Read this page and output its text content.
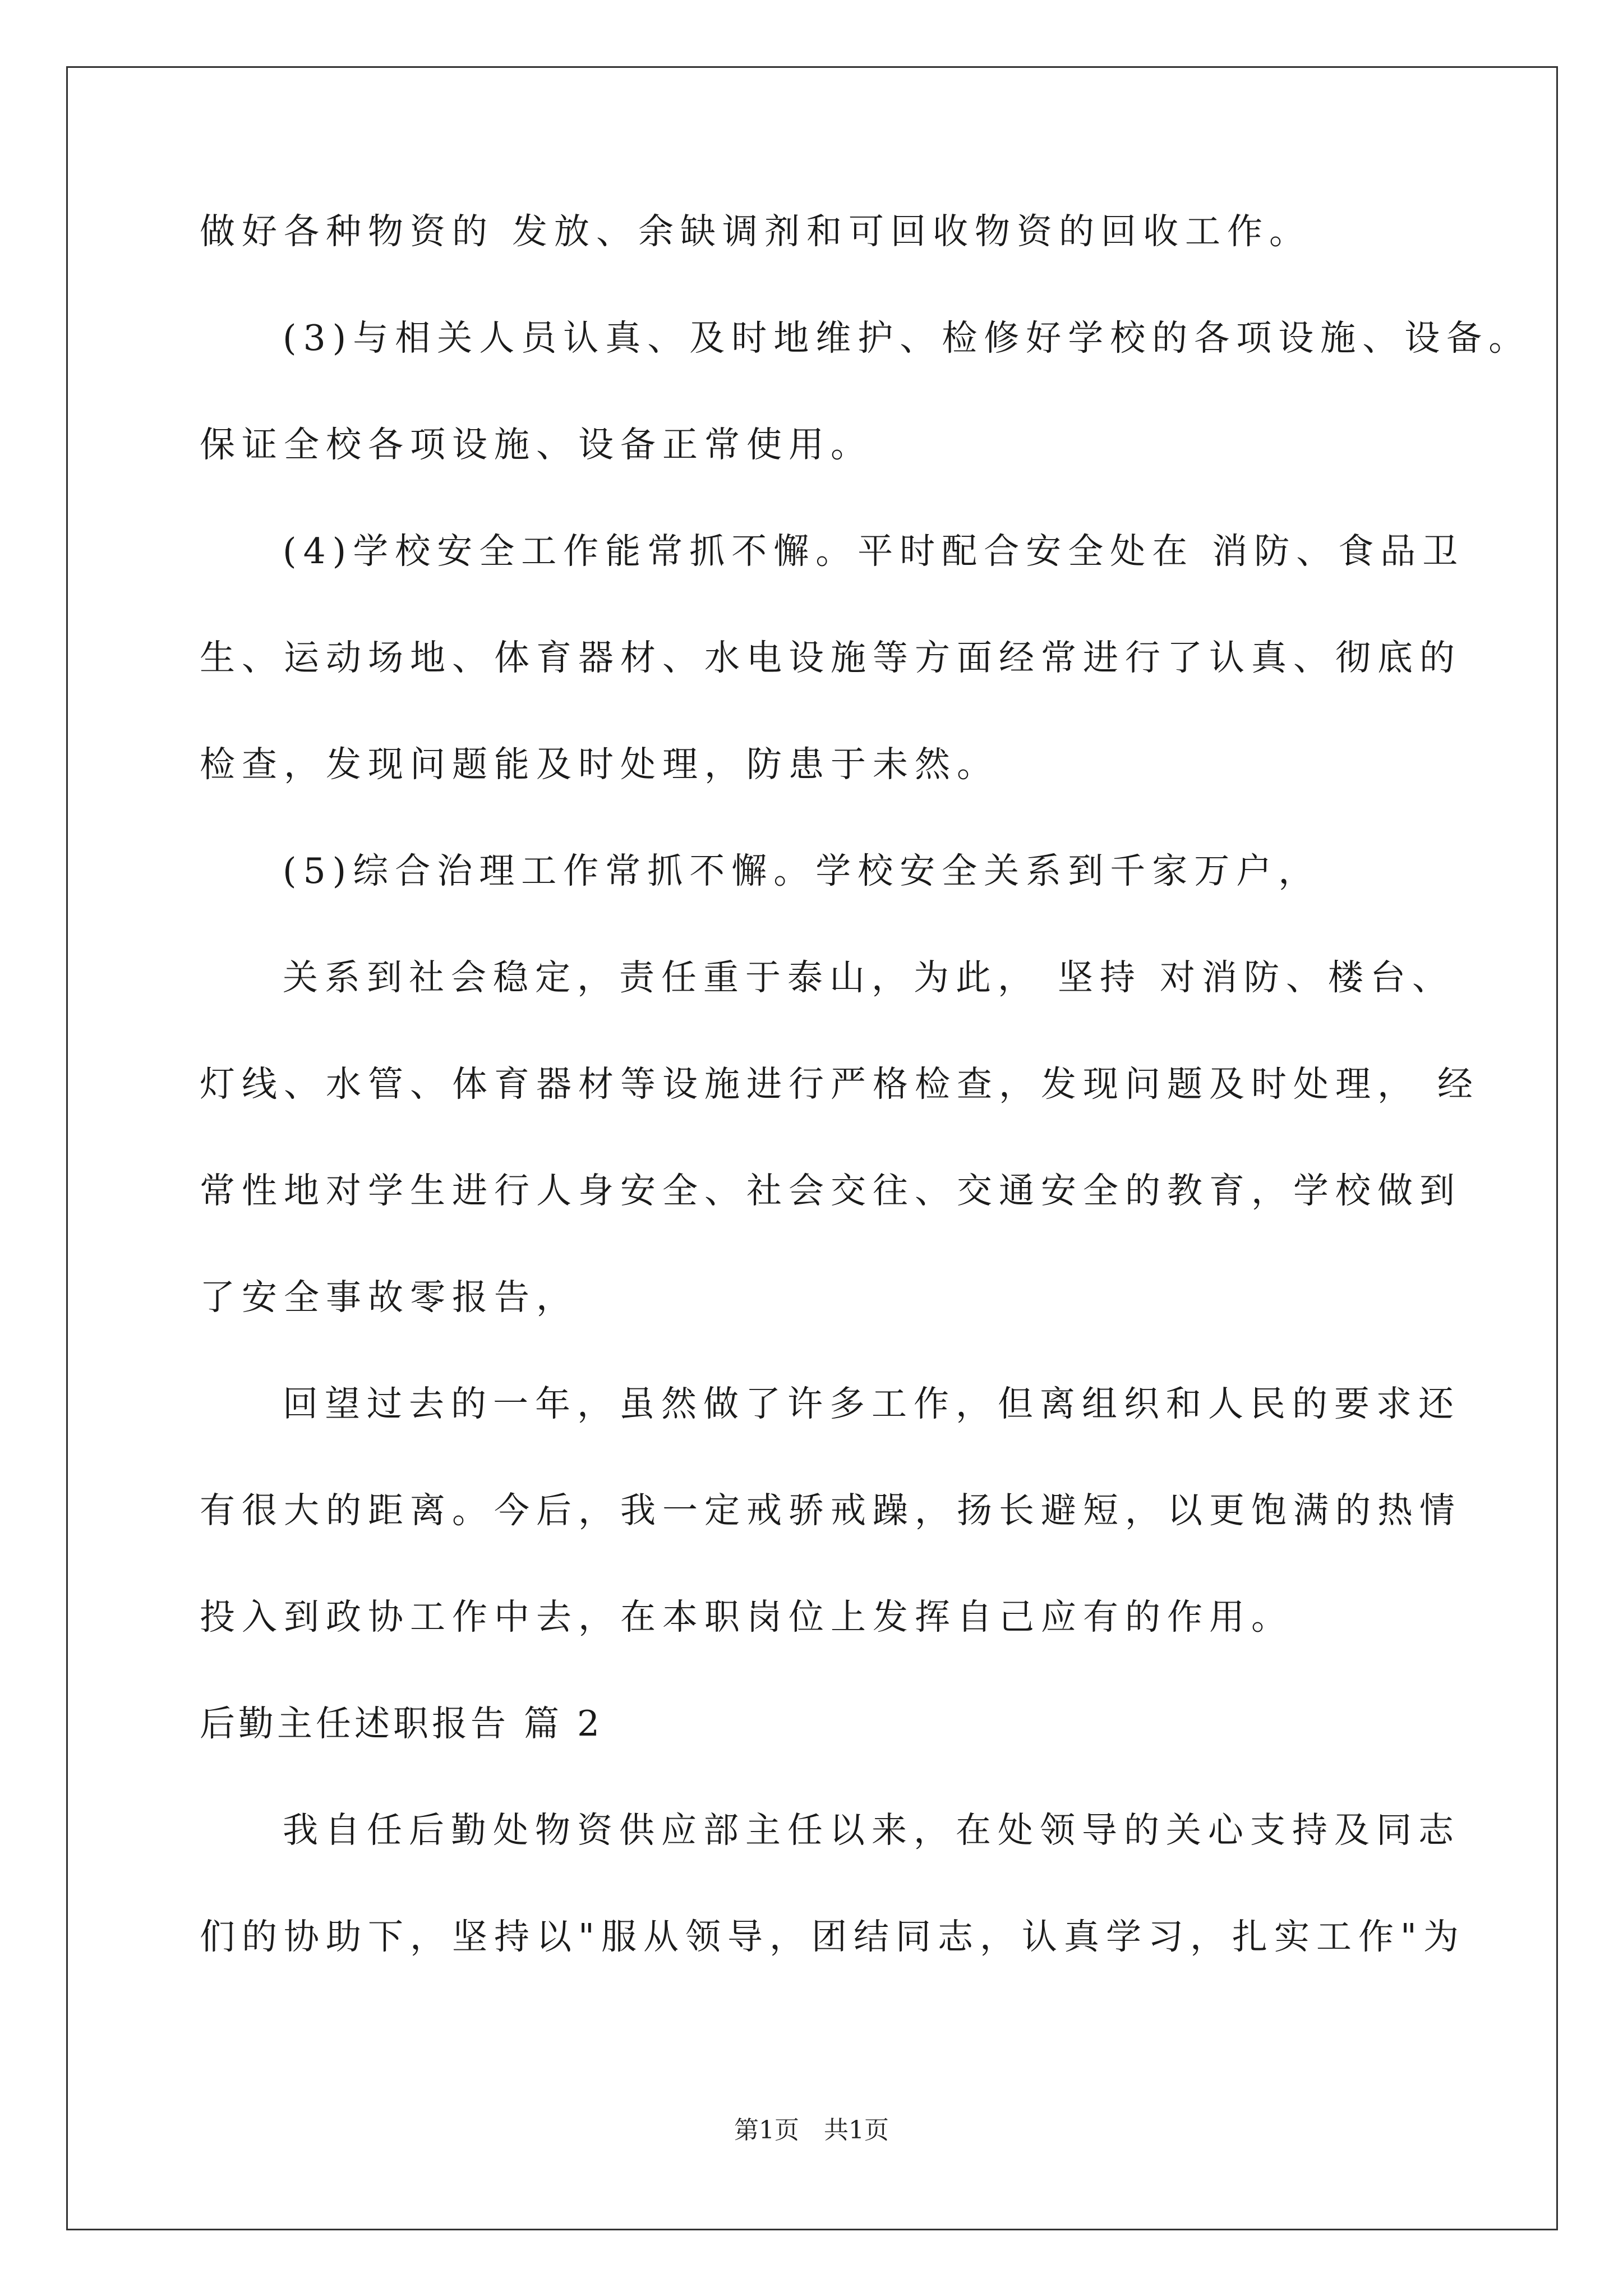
做好各种物资的 发放、余缺调剂和可回收物资的回收工作。
(3)与相关人员认真、及时地维护、检修好学校的各项设施、设备。
保证全校各项设施、设备正常使用。
(4)学校安全工作能常抓不懈。平时配合安全处在 消防、食品卫
生、运动场地、体育器材、水电设施等方面经常进行了认真、彻底的
检查，发现问题能及时处理，防患于未然。
(5)综合治理工作常抓不懈。学校安全关系到千家万户，
关系到社会稳定，责任重于泰山，为此， 坚持 对消防、楼台、
灯线、水管、体育器材等设施进行严格检查，发现问题及时处理， 经
常性地对学生进行人身安全、社会交往、交通安全的教育，学校做到
了安全事故零报告，
回望过去的一年，虽然做了许多工作，但离组织和人民的要求还
有很大的距离。今后，我一定戒骄戒躁，扬长避短，以更饱满的热情
投入到政协工作中去，在本职岗位上发挥自己应有的作用。
后勤主任述职报告 篇 2
我自任后勤处物资供应部主任以来，在处领导的关心支持及同志
们的协助下，坚持以"服从领导，团结同志，认真学习，扎实工作"为
第1页　共1页
